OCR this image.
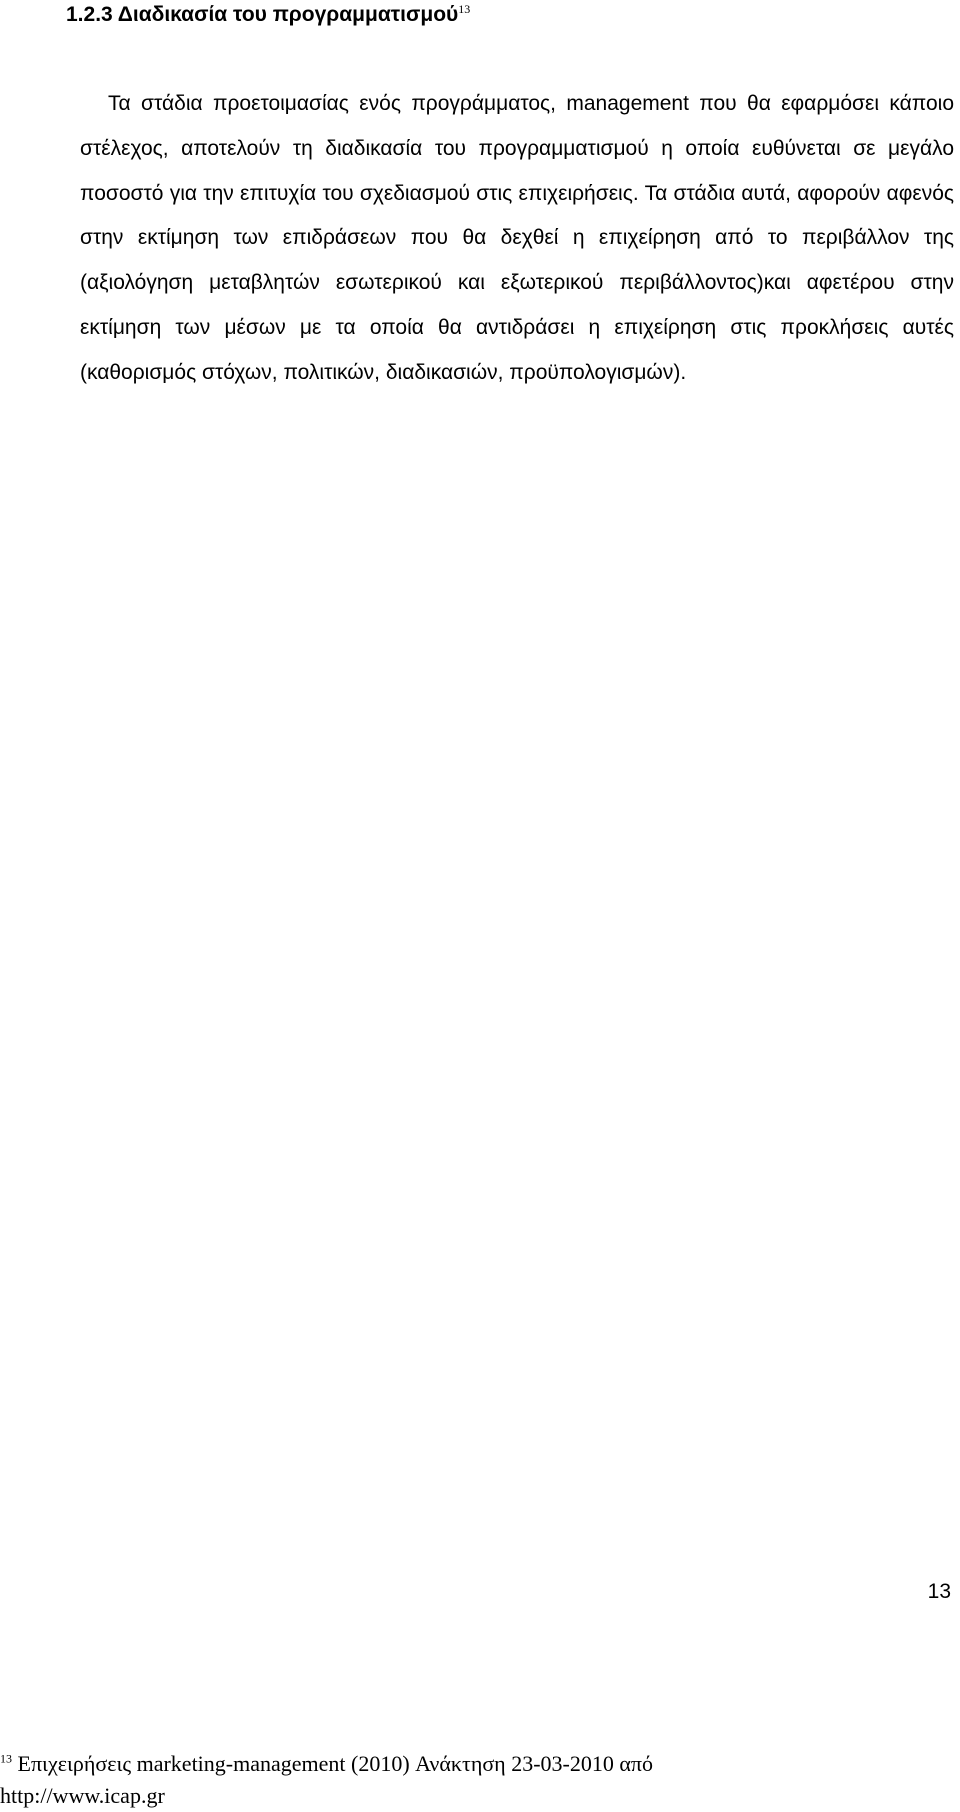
1.2.3 Διαδικασία του προγραμματισμού$^{13}$

Τα στάδια προετοιμασίας ενός προγράμματος, management που θα εφαρμόσει κάποιο στέλεχος, αποτελούν τη διαδικασία του προγραμματισμού η οποία ευθύνεται σε μεγάλο ποσοστό για την επιτυχία του σχεδιασμού στις επιχειρήσεις. Τα στάδια αυτά, αφορούν αφενός στην εκτίμηση των επιδράσεων που θα δεχθεί η επιχείρηση από το περιβάλλον της (αξιολόγηση μεταβλητών εσωτερικού και εξωτερικού περιβάλλοντος)και αφετέρου στην εκτίμηση των μέσων με τα οποία θα αντιδράσει η επιχείρηση στις προκλήσεις αυτές (καθορισμός στόχων, πολιτικών, διαδικασιών, προϋπολογισμών).

$^{13}$ Επιχειρήσεις marketing-management (2010) Ανάκτηση 23-03-2010 από
http://www.icap.gr
13
